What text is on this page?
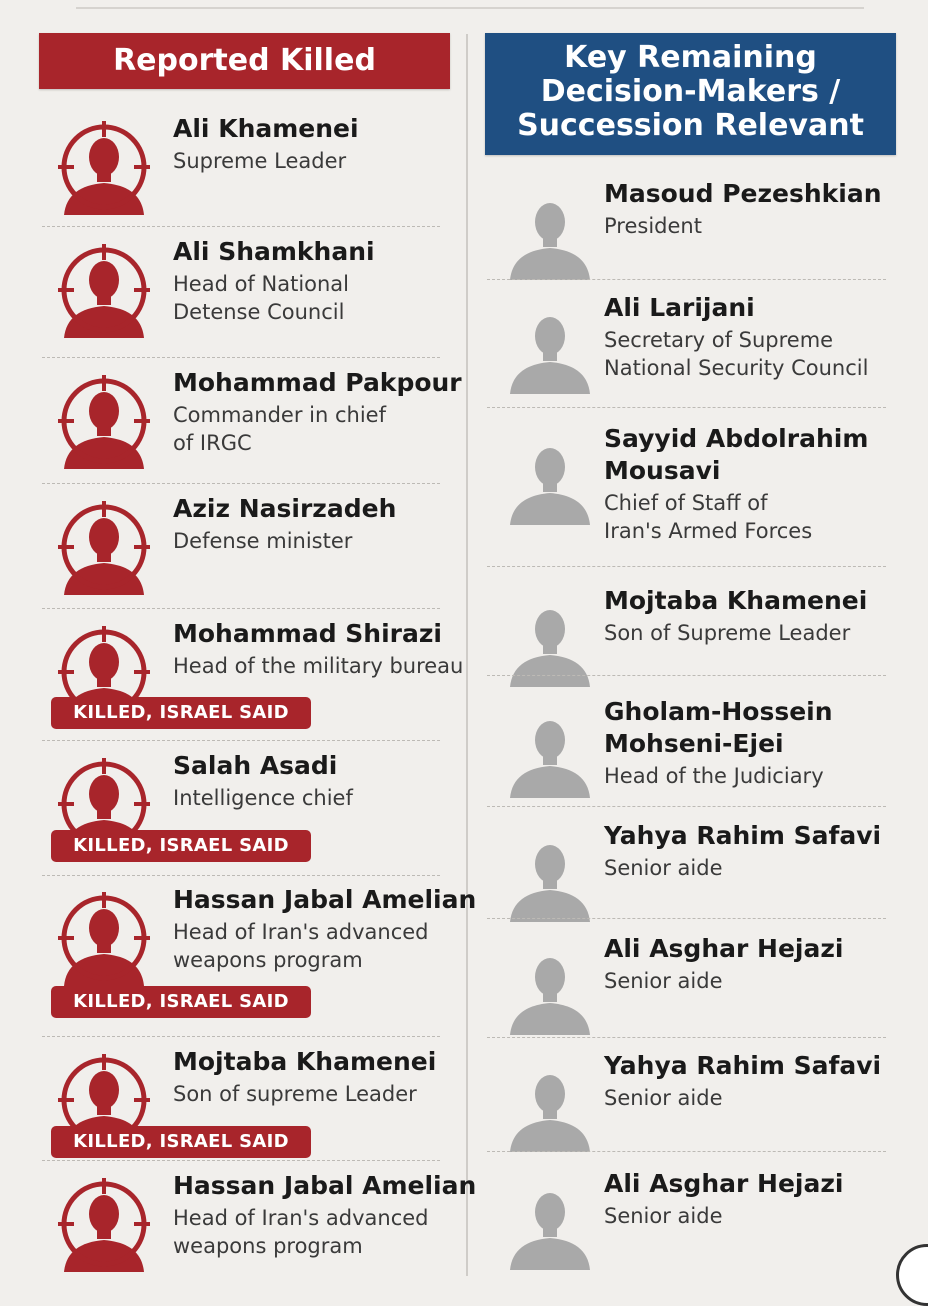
Reported Killed	Key Remaining
Decision-Makers /
Succession Relevant
Ali Khamenei
Supreme Leader
Ali Shamkhani
Head of National
Detense Council
Mohammad Pakpour
Commander in chief
of IRGC
Aziz Nasirzadeh
Defense minister
Mohammad Shirazi
Head of the military bureau
Salah Asadi
Intelligence chief
Hassan Jabal Amelian
Head of Iran's advanced
weapons program
Mojtaba Khamenei
Son of supreme Leader
Hassan Jabal Amelian
Head of Iran's advanced
weapons program
KILLED, ISRAEL SAID
KILLED, ISRAEL SAID
KILLED, ISRAEL SAID
KILLED, ISRAEL SAID
Masoud Pezeshkian
President
Ali Larijani
Secretary of Supreme
National Security Council
Sayyid Abdolrahim
Mousavi
Chief of Staff of
Iran's Armed Forces
Mojtaba Khamenei
Son of Supreme Leader
Gholam-Hossein
Mohseni-Ejei
Head of the Judiciary
Yahya Rahim Safavi
Senior aide
Ali Asghar Hejazi
Senior aide
Yahya Rahim Safavi
Senior aide
Ali Asghar Hejazi
Senior aide
